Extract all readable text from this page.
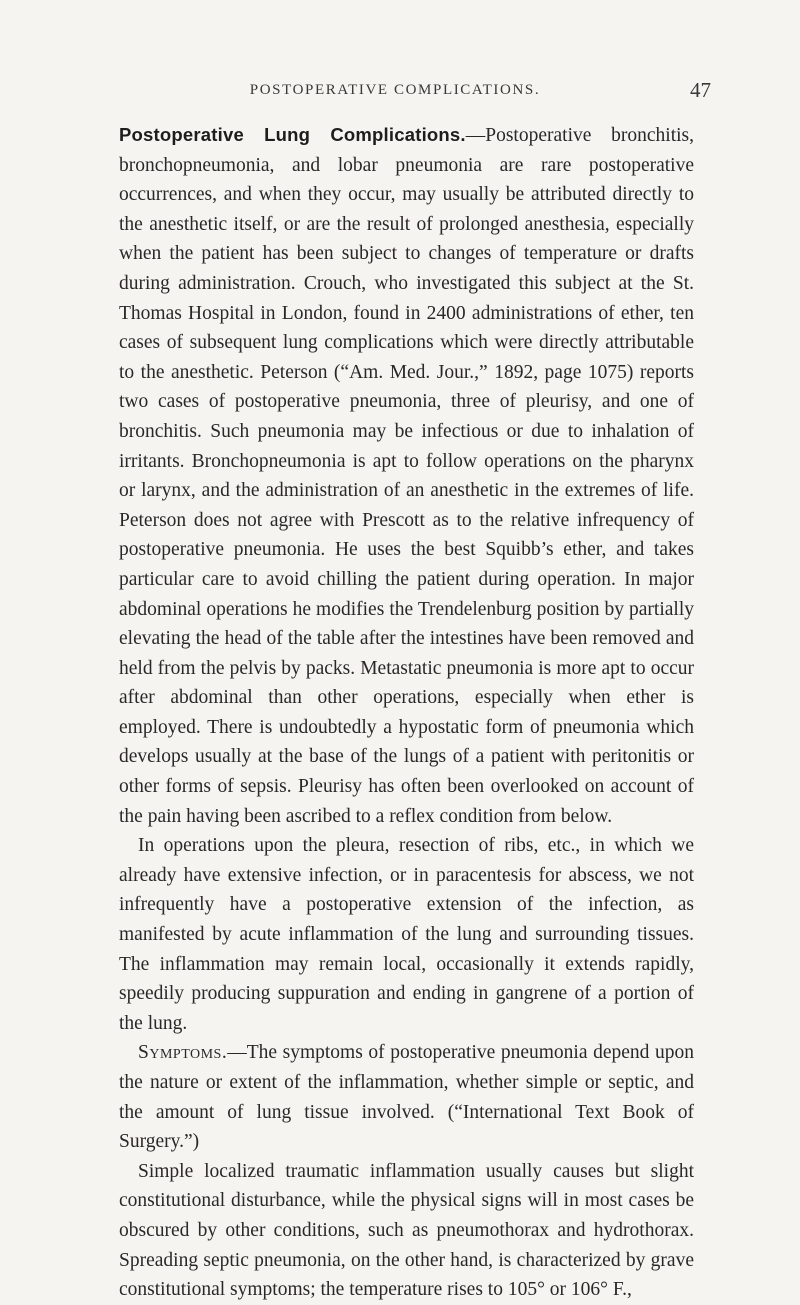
POSTOPERATIVE COMPLICATIONS.	47

Postoperative Lung Complications.—Postoperative bronchitis, bronchopneumonia, and lobar pneumonia are rare postoperative occurrences, and when they occur, may usually be attributed directly to the anesthetic itself, or are the result of prolonged anesthesia, especially when the patient has been subject to changes of temperature or drafts during administration. Crouch, who investigated this subject at the St. Thomas Hospital in London, found in 2400 administrations of ether, ten cases of subsequent lung complications which were directly attributable to the anesthetic. Peterson (“Am. Med. Jour.,” 1892, page 1075) reports two cases of postoperative pneumonia, three of pleurisy, and one of bronchitis. Such pneumonia may be infectious or due to inhalation of irritants. Bronchopneumonia is apt to follow operations on the pharynx or larynx, and the administration of an anesthetic in the extremes of life. Peterson does not agree with Prescott as to the relative infrequency of postoperative pneumonia. He uses the best Squibb’s ether, and takes particular care to avoid chilling the patient during operation. In major abdominal operations he modifies the Trendelenburg position by partially elevating the head of the table after the intestines have been removed and held from the pelvis by packs. Metastatic pneumonia is more apt to occur after abdominal than other operations, especially when ether is employed. There is undoubtedly a hypostatic form of pneumonia which develops usually at the base of the lungs of a patient with peritonitis or other forms of sepsis. Pleurisy has often been overlooked on account of the pain having been ascribed to a reflex condition from below.

In operations upon the pleura, resection of ribs, etc., in which we already have extensive infection, or in paracentesis for abscess, we not infrequently have a postoperative extension of the infection, as manifested by acute inflammation of the lung and surrounding tissues. The inflammation may remain local, occasionally it extends rapidly, speedily producing suppuration and ending in gangrene of a portion of the lung.

Symptoms.—The symptoms of postoperative pneumonia depend upon the nature or extent of the inflammation, whether simple or septic, and the amount of lung tissue involved. (“International Text Book of Surgery.”)

Simple localized traumatic inflammation usually causes but slight constitutional disturbance, while the physical signs will in most cases be obscured by other conditions, such as pneumothorax and hydrothorax. Spreading septic pneumonia, on the other hand, is characterized by grave constitutional symptoms; the temperature rises to 105° or 106° F.,
